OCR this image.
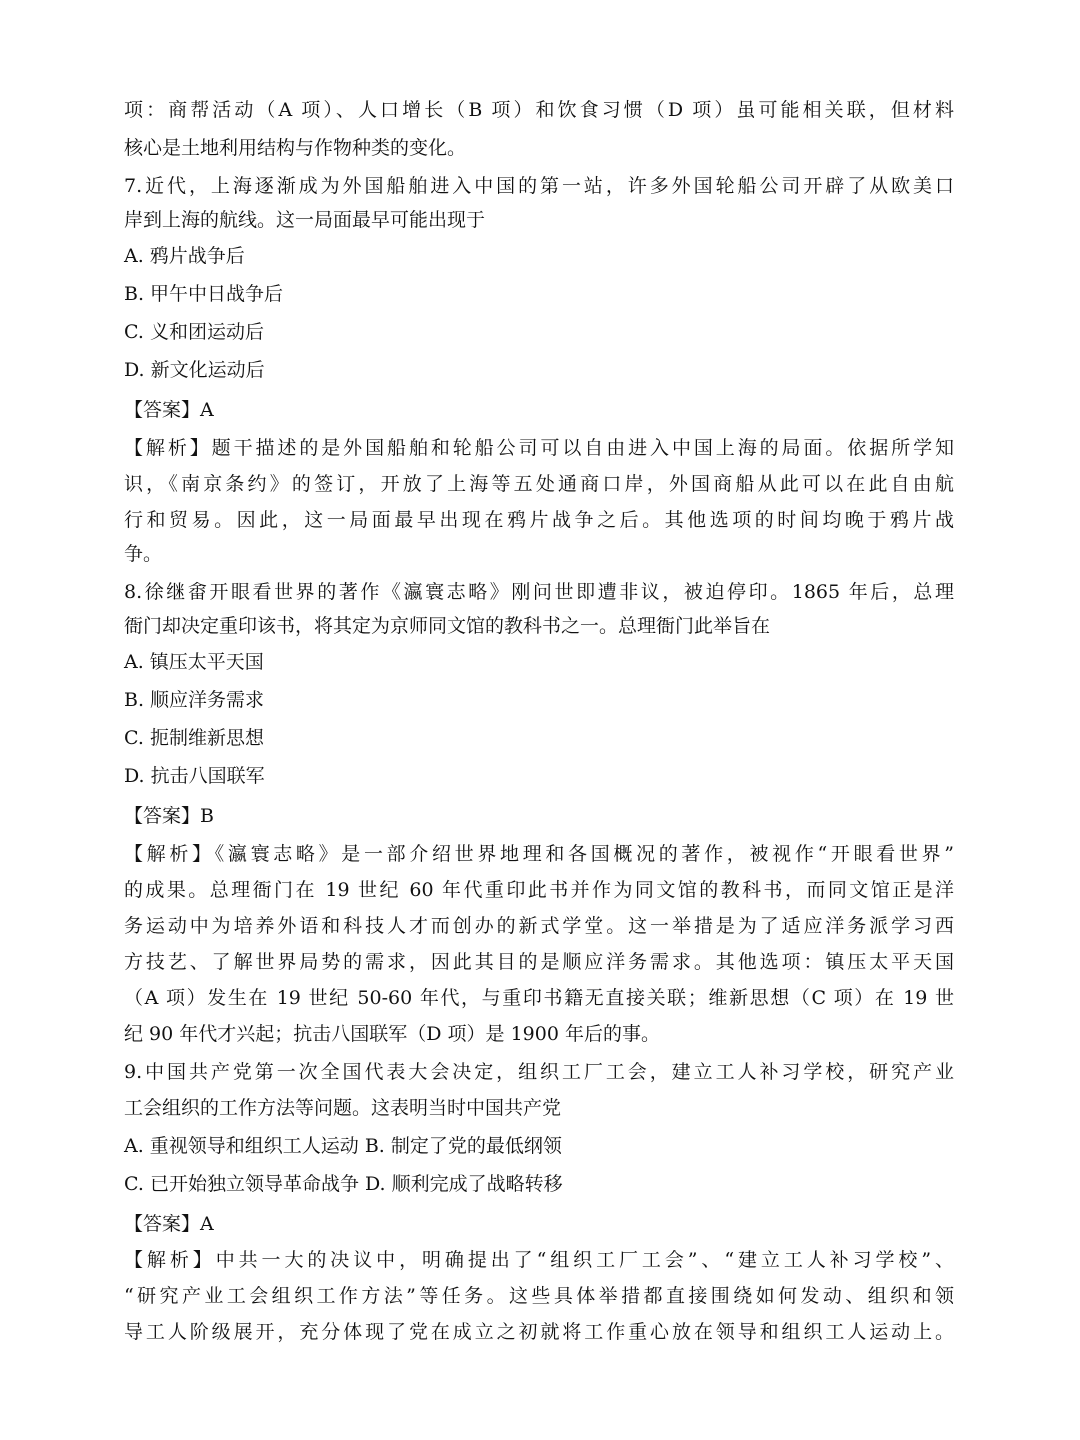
项：商帮活动（A 项）、人口增长（B 项）和饮食习惯（D 项）虽可能相关联，但材料
核心是土地利用结构与作物种类的变化。
7.近代，上海逐渐成为外国船舶进入中国的第一站，许多外国轮船公司开辟了从欧美口
岸到上海的航线。这一局面最早可能出现于
A. 鸦片战争后
B. 甲午中日战争后
C. 义和团运动后
D. 新文化运动后
【答案】A
【解析】题干描述的是外国船舶和轮船公司可以自由进入中国上海的局面。依据所学知
识，《南京条约》的签订，开放了上海等五处通商口岸，外国商船从此可以在此自由航
行和贸易。因此，这一局面最早出现在鸦片战争之后。其他选项的时间均晚于鸦片战
争。
8.徐继畬开眼看世界的著作《瀛寰志略》刚问世即遭非议，被迫停印。1865 年后，总理
衙门却决定重印该书，将其定为京师同文馆的教科书之一。总理衙门此举旨在
A. 镇压太平天国
B. 顺应洋务需求
C. 扼制维新思想
D. 抗击八国联军
【答案】B
【解析】《瀛寰志略》是一部介绍世界地理和各国概况的著作，被视作“开眼看世界”
的成果。总理衙门在 19 世纪 60 年代重印此书并作为同文馆的教科书，而同文馆正是洋
务运动中为培养外语和科技人才而创办的新式学堂。这一举措是为了适应洋务派学习西
方技艺、了解世界局势的需求，因此其目的是顺应洋务需求。其他选项：镇压太平天国
（A 项）发生在 19 世纪 50-60 年代，与重印书籍无直接关联；维新思想（C 项）在 19 世
纪 90 年代才兴起；抗击八国联军（D 项）是 1900 年后的事。
9.中国共产党第一次全国代表大会决定，组织工厂工会，建立工人补习学校，研究产业
工会组织的工作方法等问题。这表明当时中国共产党
A. 重视领导和组织工人运动 B. 制定了党的最低纲领
C. 已开始独立领导革命战争 D. 顺利完成了战略转移
【答案】A
【解析】中共一大的决议中，明确提出了“组织工厂工会”、“建立工人补习学校”、
“研究产业工会组织工作方法”等任务。这些具体举措都直接围绕如何发动、组织和领
导工人阶级展开，充分体现了党在成立之初就将工作重心放在领导和组织工人运动上。
